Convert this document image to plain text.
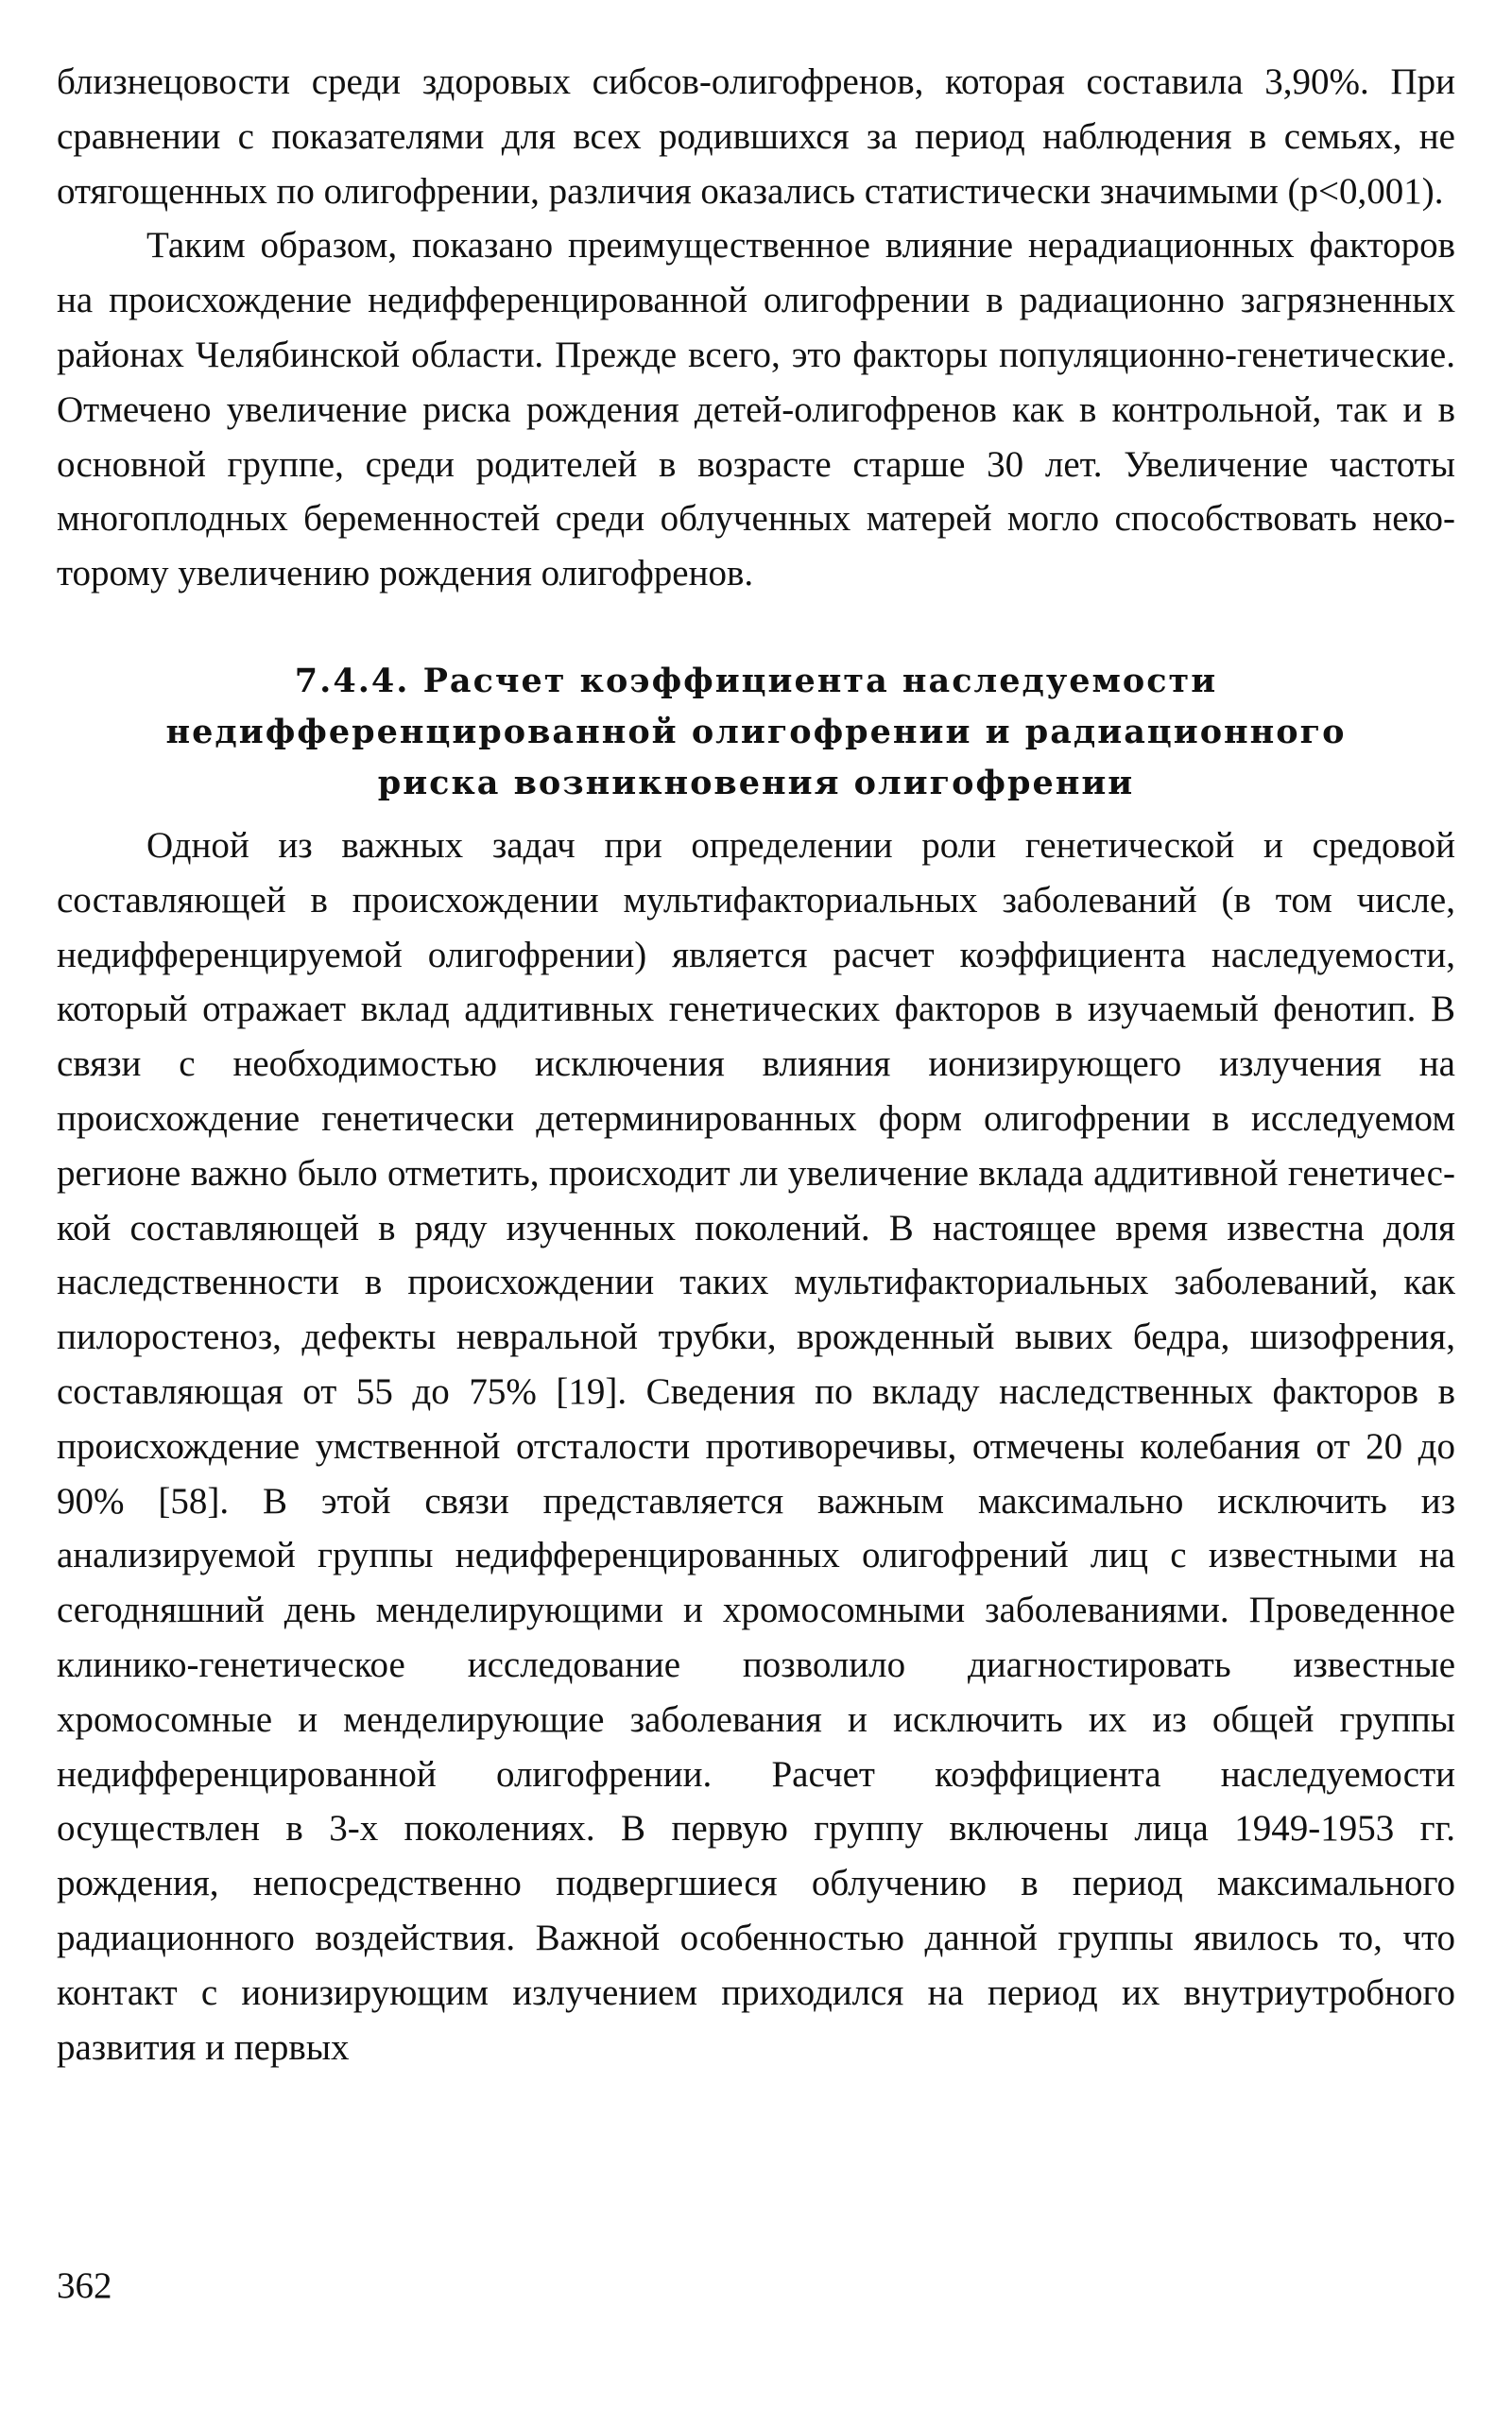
близнецовости среди здоровых сибсов-олигофренов, которая составила 3,90%. При сравнении с показателями для всех родившихся за период наблюдения в семьях, не отягощенных по олигофрении, различия оказались статистически значимыми (p<0,001).

Таким образом, показано преимущественное влияние нерадиационных факторов на происхождение недифференцированной олигофрении в радиационно загрязненных районах Челябинской области. Прежде всего, это факторы популяционно-генетические. Отмечено увеличение риска рождения детей-олигофренов как в контрольной, так и в основной группе, среди родителей в возрасте старше 30 лет. Увеличение частоты многоплодных беременностей среди облученных матерей могло способствовать некоторому увеличению рождения олигофренов.

7.4.4. Расчет коэффициента наследуемости
недифференцированной олигофрении и радиационного
риска возникновения олигофрении

Одной из важных задач при определении роли генетической и средовой составляющей в происхождении мультифакториальных заболеваний (в том числе, недифференцируемой олигофрении) является расчет коэффициента наследуемости, который отражает вклад аддитивных генетических факторов в изучаемый фенотип. В связи с необходимостью исключения влияния ионизирующего излучения на происхождение генетически детерминированных форм олигофрении в исследуемом регионе важно было отметить, происходит ли увеличение вклада аддитивной генетической составляющей в ряду изученных поколений. В настоящее время известна доля наследственности в происхождении таких мультифакториальных заболеваний, как пилоростеноз, дефекты невральной трубки, врожденный вывих бедра, шизофрения, составляющая от 55 до 75% [19]. Сведения по вкладу наследственных факторов в происхождение умственной отсталости противоречивы, отмечены колебания от 20 до 90% [58]. В этой связи представляется важным максимально исключить из анализируемой группы недифференцированных олигофрений лиц с известными на сегодняшний день менделирующими и хромосомными заболеваниями. Проведенное клинико-генетическое исследование позволило диагностировать известные хромосомные и менделирующие заболевания и исключить их из общей группы недифференцированной олигофрении. Расчет коэффициента наследуемости осуществлен в 3-х поколениях. В первую группу включены лица 1949-1953 гг. рождения, непосредственно подвергшиеся облучению в период максимального радиационного воздействия. Важной особенностью данной группы явилось то, что контакт с ионизирующим излучением приходился на период их внутриутробного развития и первых

362
